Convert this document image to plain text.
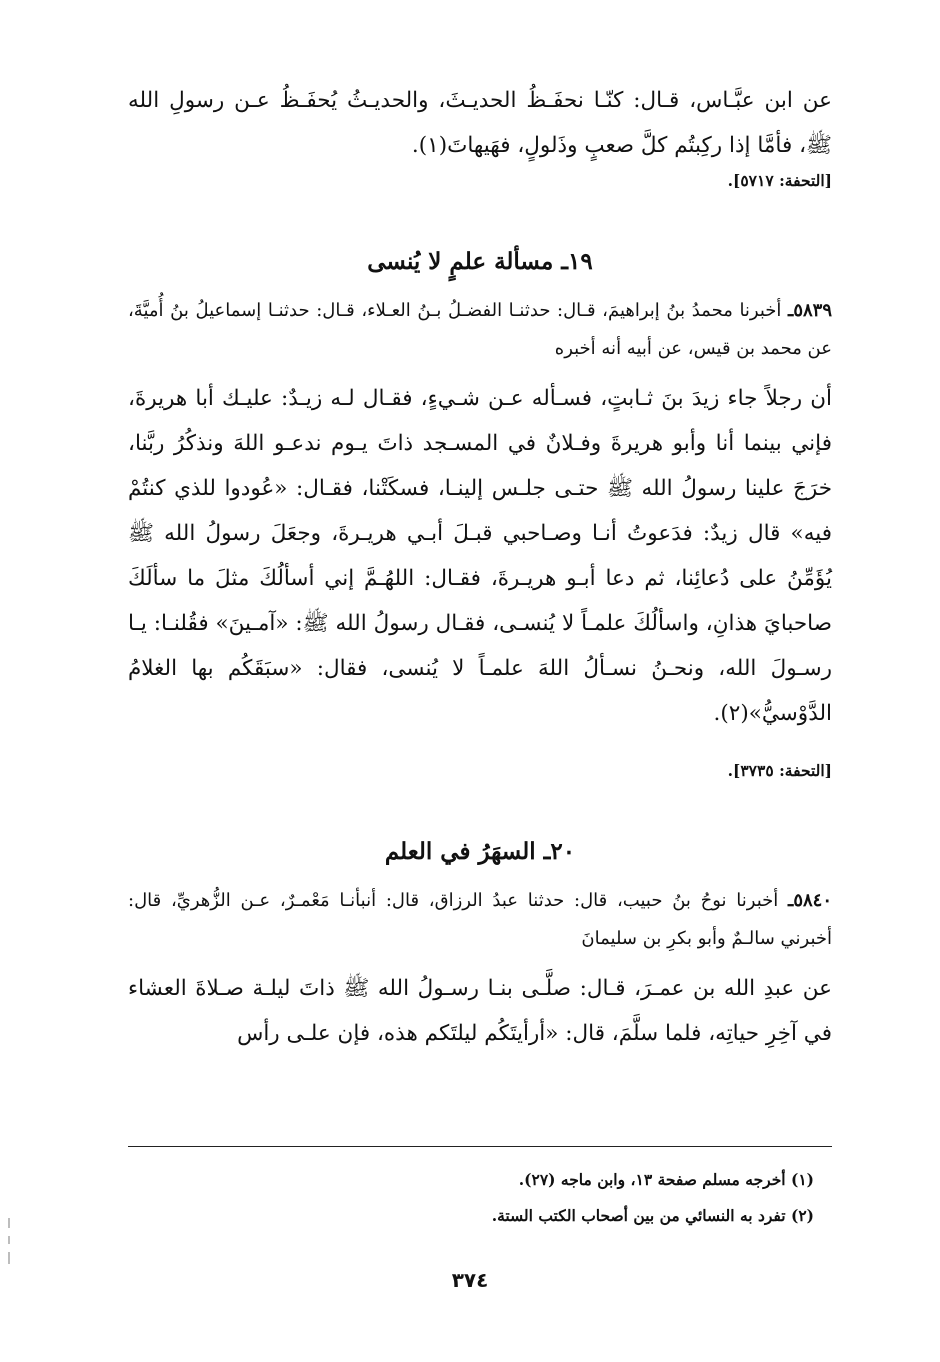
عن ابن عبَّـاس، قـال: كنّـا نحفَـظُ الحديـثَ، والحديـثُ يُحفَـظُ عـن رسولِ الله ﷺ، فأمَّا إذا ركِبتُم كلَّ صعبٍ وذَلولٍ، فهَيهاتَ(١).

[التحفة: ٥٧١٧].

١٩ـ مسألة علمٍ لا يُنسى

٥٨٣٩ـ أخبرنا محمدُ بنُ إبراهيمَ، قـال: حدثنـا الفضـلُ بـنُ العـلاء، قـال: حدثنـا إسماعيلُ بنُ أُميَّةَ، عن محمد بن قيس، عن أبيه أنه أخبره

أن رجلاً جاء زيدَ بنَ ثـابتٍ، فسـأله عـن شـيءٍ، فقـال لـه زيـدٌ: عليـك أبا هريرةَ، فإني بينما أنا وأبو هريرةَ وفـلانٌ في المسـجد ذاتَ يـوم ندعـو اللهَ ونذكُرُ ربَّنا، خرَجَ علينا رسولُ الله ﷺ حتـى جلـس إلينـا، فسكَتْنا، فقـال: «عُودوا للذي كنتُمْ فيه» قال زيدٌ: فدَعوتُ أنـا وصـاحبي قبـلَ أبـي هريـرةَ، وجعَلَ رسولُ الله ﷺ يُؤَمِّنُ على دُعائِنا، ثم دعا أبـو هريـرةَ، فقـال: اللهُـمَّ إني أسألُكَ مثلَ ما سألَكَ صاحبايَ هذانِ، واسألُكَ علمـاً لا يُنسـى، فقـال رسولُ الله ﷺ: «آمـينَ» فقُلنـا: يـا رسـولَ الله، ونحـنُ نسـألُ اللهَ علمـاً لا يُنسى، فقال: «سبَقَكُم بها الغلامُ الدَّوْسيُّ»(٢).

[التحفة: ٣٧٣٥].

٢٠ـ السهَرُ في العلم

٥٨٤٠ـ أخبرنا نوحُ بنُ حبيب، قال: حدثنا عبدُ الرزاق، قال: أنبأنـا مَعْمـرٌ، عـن الزُّهريِّ، قال: أخبرني سالـمٌ وأبو بكرِ بن سليمانَ

عن عبدِ الله بن عمـرَ، قـال: صلَّـى بنـا رسـولُ الله ﷺ ذاتَ ليلـة صـلاةَ العشاء في آخِرِ حياتِه، فلما سلَّمَ، قال: «أرأيتَكُم ليلتَكم هذه، فإن علـى رأس

(١) أخرجه مسلم صفحة ١٣، وابن ماجه (٢٧).
(٢) تفرد به النسائي من بين أصحاب الكتب الستة.
٣٧٤
